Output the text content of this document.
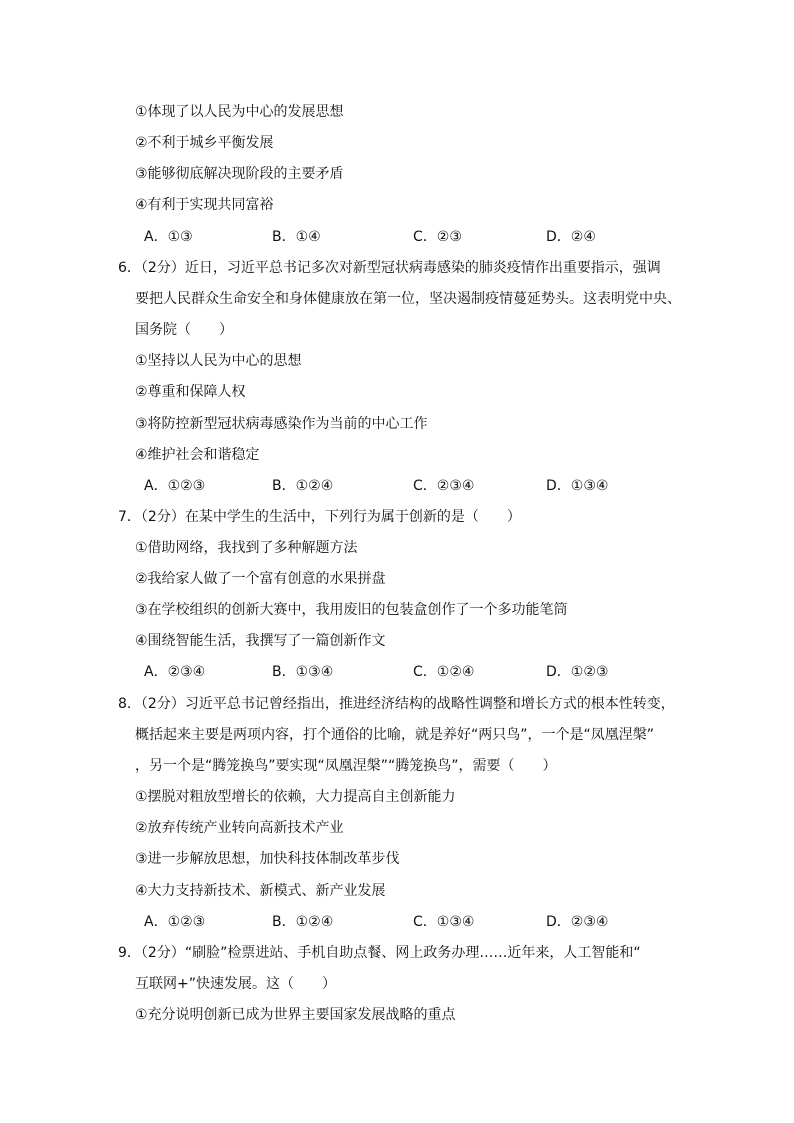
①体现了以人民为中心的发展思想
②不利于城乡平衡发展
③能够彻底解决现阶段的主要矛盾
④有利于实现共同富裕
A．①③	B．①④	C．②③	D．②④
6．（2分）近日，习近平总书记多次对新型冠状病毒感染的肺炎疫情作出重要指示，强调
要把人民群众生命安全和身体健康放在第一位，坚决遏制疫情蔓延势头。这表明党中央、
国务院（　　）
①坚持以人民为中心的思想
②尊重和保障人权
③将防控新型冠状病毒感染作为当前的中心工作
④维护社会和谐稳定
A．①②③	B．①②④	C．②③④	D．①③④
7．（2分）在某中学生的生活中，下列行为属于创新的是（　　）
①借助网络，我找到了多种解题方法
②我给家人做了一个富有创意的水果拼盘
③在学校组织的创新大赛中，我用废旧的包装盒创作了一个多功能笔筒
④围绕智能生活，我撰写了一篇创新作文
A．②③④	B．①③④	C．①②④	D．①②③
8．（2分）习近平总书记曾经指出，推进经济结构的战略性调整和增长方式的根本性转变，
概括起来主要是两项内容，打个通俗的比喻，就是养好“两只鸟”，一个是“凤凰涅槃”
，另一个是“腾笼换鸟”要实现“凤凰涅槃”“腾笼换鸟”，需要（　　）
①摆脱对粗放型增长的依赖，大力提高自主创新能力
②放弃传统产业转向高新技术产业
③进一步解放思想，加快科技体制改革步伐
④大力支持新技术、新模式、新产业发展
A．①②③	B．①②④	C．①③④	D．②③④
9．（2分）“刷脸”检票进站、手机自助点餐、网上政务办理……近年来，人工智能和“
互联网+”快速发展。这（　　）
①充分说明创新已成为世界主要国家发展战略的重点
